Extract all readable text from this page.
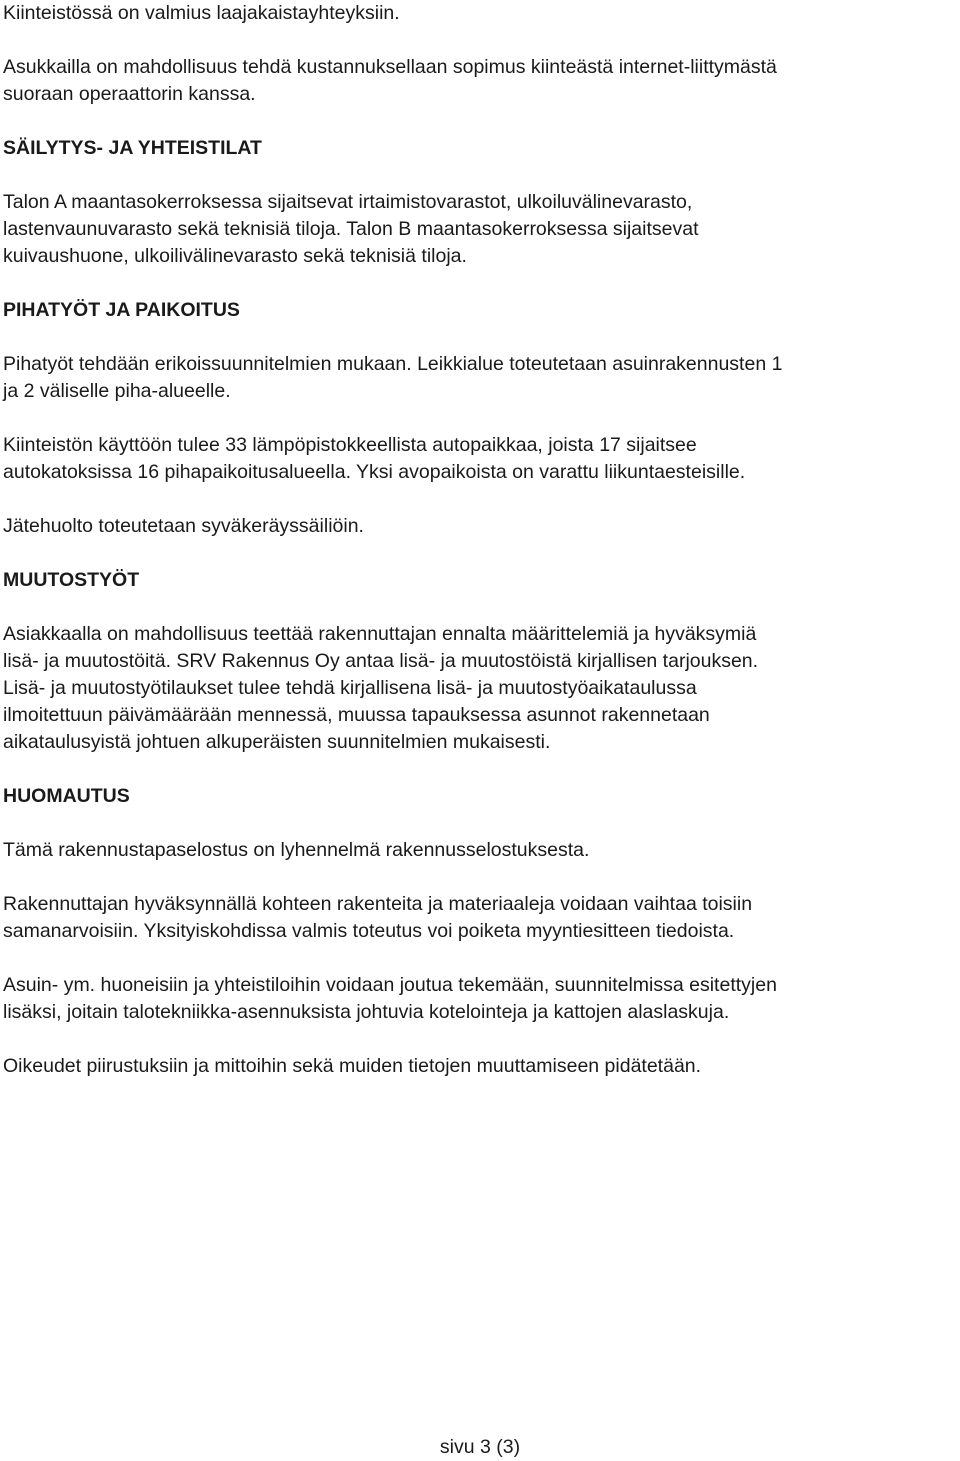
Kiinteistössä on valmius laajakaistayhteyksiin.

Asukkailla on mahdollisuus tehdä kustannuksellaan sopimus kiinteästä internet-liittymästä

suoraan operaattorin kanssa.

SÄILYTYS- JA YHTEISTILAT

Talon A maantasokerroksessa sijaitsevat irtaimistovarastot, ulkoiluvälinevarasto,

lastenvaunuvarasto sekä teknisiä tiloja. Talon B maantasokerroksessa sijaitsevat

kuivaushuone, ulkoilivälinevarasto sekä teknisiä tiloja.

PIHATYÖT JA PAIKOITUS

Pihatyöt tehdään erikoissuunnitelmien mukaan. Leikkialue toteutetaan asuinrakennusten 1

ja 2 väliselle piha-alueelle.

Kiinteistön käyttöön tulee 33 lämpöpistokkeellista autopaikkaa, joista 17 sijaitsee

autokatoksissa 16 pihapaikoitusalueella. Yksi avopaikoista on varattu liikuntaesteisille.

Jätehuolto toteutetaan syväkeräyssäiliöin.

MUUTOSTYÖT

Asiakkaalla on mahdollisuus teettää rakennuttajan ennalta määrittelemiä ja hyväksymiä

lisä- ja muutostöitä. SRV Rakennus Oy antaa lisä- ja muutostöistä kirjallisen tarjouksen.

Lisä- ja muutostyötilaukset tulee tehdä kirjallisena lisä- ja muutostyöaikataulussa

ilmoitettuun päivämäärään mennessä, muussa tapauksessa asunnot rakennetaan

aikataulusyistä johtuen alkuperäisten suunnitelmien mukaisesti.

HUOMAUTUS

Tämä rakennustapaselostus on lyhennelmä rakennusselostuksesta.

Rakennuttajan hyväksynnällä kohteen rakenteita ja materiaaleja voidaan vaihtaa toisiin

samanarvoisiin. Yksityiskohdissa valmis toteutus voi poiketa myyntiesitteen tiedoista.

Asuin- ym. huoneisiin ja yhteistiloihin voidaan joutua tekemään, suunnitelmissa esitettyjen

lisäksi, joitain talotekniikka-asennuksista johtuvia kotelointeja ja kattojen alaslaskuja.

Oikeudet piirustuksiin ja mittoihin sekä muiden tietojen muuttamiseen pidätetään.

sivu 3 (3)
